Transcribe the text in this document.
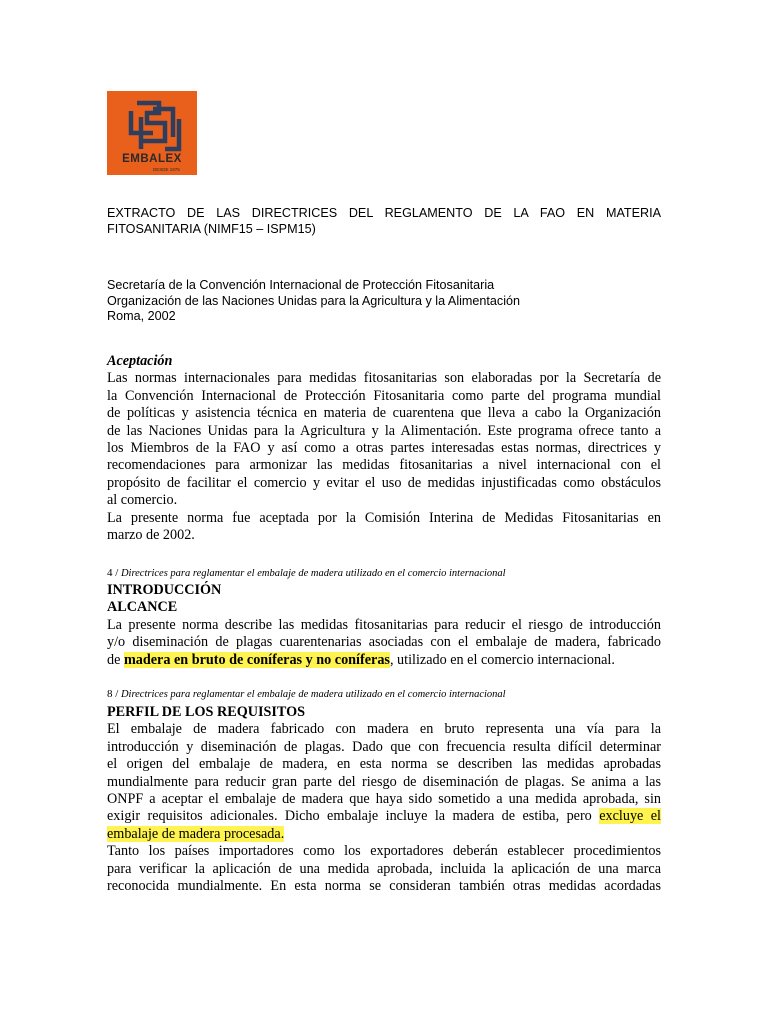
EMBALEX
DESDE 1975
EXTRACTO DE LAS DIRECTRICES DEL REGLAMENTO DE LA FAO EN MATERIA
FITOSANITARIA (NIMF15 – ISPM15)
Secretaría de la Convención Internacional de Protección Fitosanitaria
Organización de las Naciones Unidas para la Agricultura y la Alimentación
Roma, 2002
Aceptación
Las normas internacionales para medidas fitosanitarias son elaboradas por la Secretaría de
la Convención Internacional de Protección Fitosanitaria como parte del programa mundial
de políticas y asistencia técnica en materia de cuarentena que lleva a cabo la Organización
de las Naciones Unidas para la Agricultura y la Alimentación. Este programa ofrece tanto a
los Miembros de la FAO y así como a otras partes interesadas estas normas, directrices y
recomendaciones para armonizar las medidas fitosanitarias a nivel internacional con el
propósito de facilitar el comercio y evitar el uso de medidas injustificadas como obstáculos
al comercio.
La presente norma fue aceptada por la Comisión Interina de Medidas Fitosanitarias en
marzo de 2002.
4 / Directrices para reglamentar el embalaje de madera utilizado en el comercio internacional
INTRODUCCIÓN
ALCANCE
La presente norma describe las medidas fitosanitarias para reducir el riesgo de introducción
y/o diseminación de plagas cuarentenarias asociadas con el embalaje de madera, fabricado
de madera en bruto de coníferas y no coníferas, utilizado en el comercio internacional.
8 / Directrices para reglamentar el embalaje de madera utilizado en el comercio internacional
PERFIL DE LOS REQUISITOS
El embalaje de madera fabricado con madera en bruto representa una vía para la
introducción y diseminación de plagas. Dado que con frecuencia resulta difícil determinar
el origen del embalaje de madera, en esta norma se describen las medidas aprobadas
mundialmente para reducir gran parte del riesgo de diseminación de plagas. Se anima a las
ONPF a aceptar el embalaje de madera que haya sido sometido a una medida aprobada, sin
exigir requisitos adicionales. Dicho embalaje incluye la madera de estiba, pero excluye el
embalaje de madera procesada.
Tanto los países importadores como los exportadores deberán establecer procedimientos
para verificar la aplicación de una medida aprobada, incluida la aplicación de una marca
reconocida mundialmente. En esta norma se consideran también otras medidas acordadas
